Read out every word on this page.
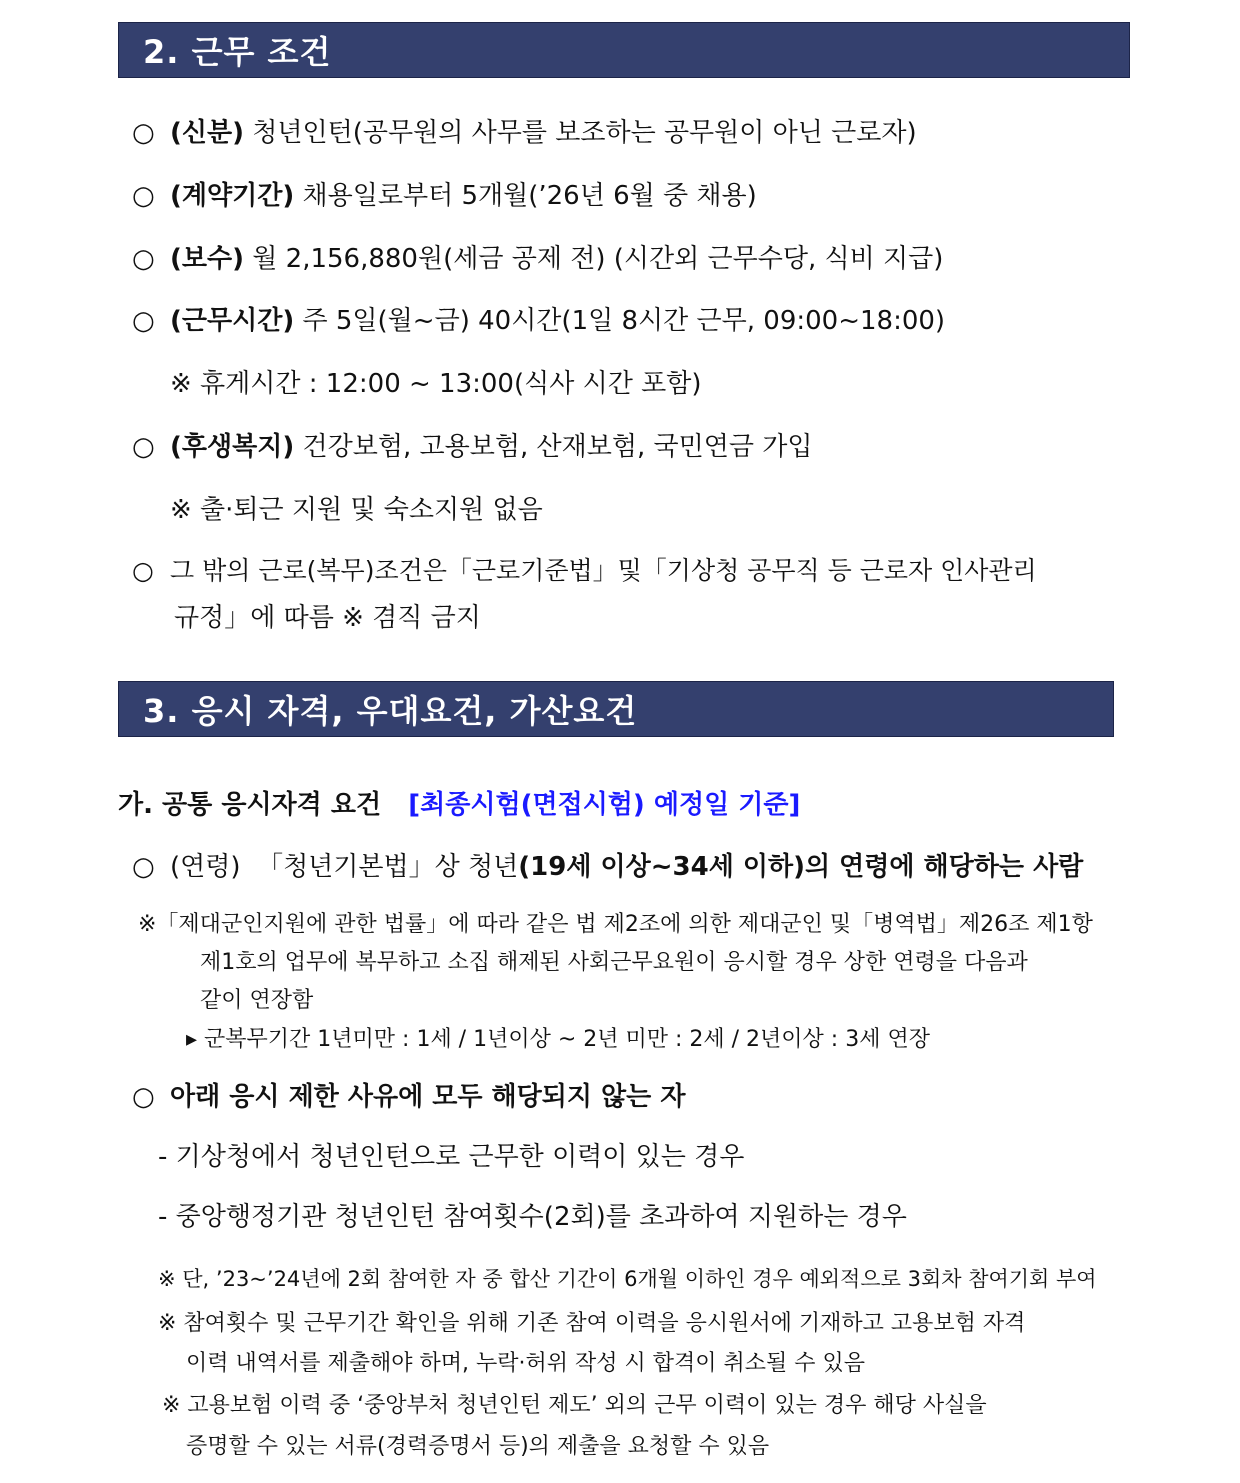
2. 근무 조건
○ (신분) 청년인턴(공무원의 사무를 보조하는 공무원이 아닌 근로자)
○ (계약기간) 채용일로부터 5개월(’26년 6월 중 채용)
○ (보수) 월 2,156,880원(세금 공제 전) (시간외 근무수당, 식비 지급)
○ (근무시간) 주 5일(월~금) 40시간(1일 8시간 근무, 09:00~18:00)
※ 휴게시간 : 12:00 ~ 13:00(식사 시간 포함)
○ (후생복지) 건강보험, 고용보험, 산재보험, 국민연금 가입
※ 출·퇴근 지원 및 숙소지원 없음
○ 그 밖의 근로(복무)조건은「근로기준법」및「기상청 공무직 등 근로자 인사관리
규정」에 따름 ※ 겸직 금지
3. 응시 자격, 우대요건, 가산요건
가. 공통 응시자격 요건 [최종시험(면접시험) 예정일 기준]
○ (연령) 「청년기본법」상 청년(19세 이상~34세 이하)의 연령에 해당하는 사람
※「제대군인지원에 관한 법률」에 따라 같은 법 제2조에 의한 제대군인 및「병역법」제26조 제1항
제1호의 업무에 복무하고 소집 해제된 사회근무요원이 응시할 경우 상한 연령을 다음과
같이 연장함
▸ 군복무기간 1년미만 : 1세 / 1년이상 ~ 2년 미만 : 2세 / 2년이상 : 3세 연장
○ 아래 응시 제한 사유에 모두 해당되지 않는 자
- 기상청에서 청년인턴으로 근무한 이력이 있는 경우
- 중앙행정기관 청년인턴 참여횟수(2회)를 초과하여 지원하는 경우
※ 단, ’23~’24년에 2회 참여한 자 중 합산 기간이 6개월 이하인 경우 예외적으로 3회차 참여기회 부여
※ 참여횟수 및 근무기간 확인을 위해 기존 참여 이력을 응시원서에 기재하고 고용보험 자격
이력 내역서를 제출해야 하며, 누락·허위 작성 시 합격이 취소될 수 있음
※ 고용보험 이력 중 ‘중앙부처 청년인턴 제도’ 외의 근무 이력이 있는 경우 해당 사실을
증명할 수 있는 서류(경력증명서 등)의 제출을 요청할 수 있음
